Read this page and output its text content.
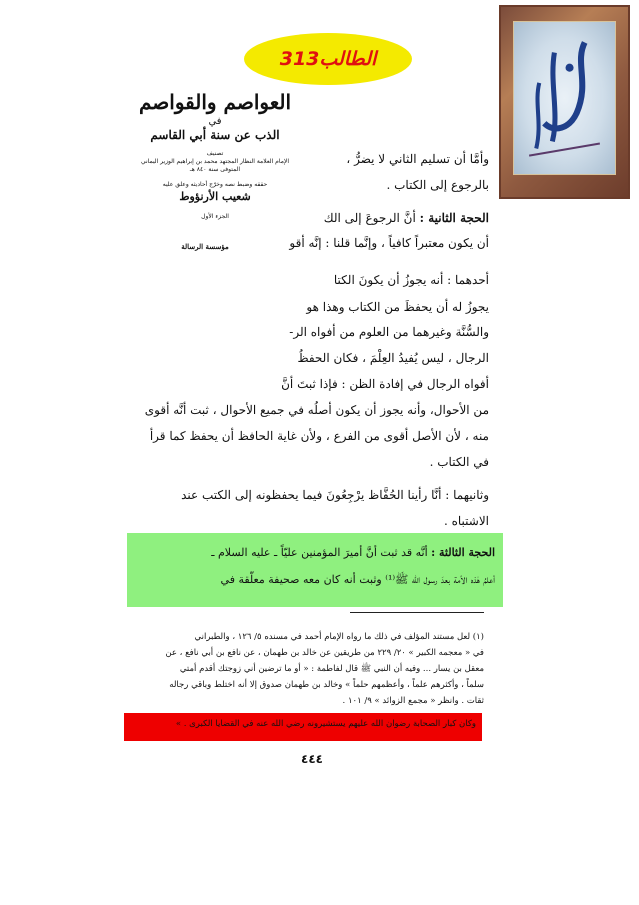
الطالب313
العواصم والقواصم
في
الذب عن سنة أبي القاسم
تصنيف
الإمام العلامة النظار المجتهد محمد بن إبراهيم الوزير اليماني
المتوفى سنة ٨٤٠ هـ
حققه وضبط نصه وخرّج أحاديثه وعلق عليه
شعيب الأرنؤوط
الجزء الأول
مؤسسة الرسالة
وأمَّا أن تسليم الثاني لا يضرُّ ،
بالرجوع إلى الكتاب .
الحجة الثانية : أنَّ الرجوعَ إلى الك
أن يكون معتبراً كافياً ، وإنَّما قلنا : إنَّه أقو
أحدهما : أنه يجوزُ أن يكونَ الكتا
يجوزُ له أن يحفظَ من الكتاب وهذا هو
والسُّنَّة وغيرهما من العلوم من أفواه الر-
الرجال ، ليس يُفيدُ العِلْمَ ، فكان الحفظُ
أفواه الرجال في إفادة الظن : فإذا ثبتَ أنَّ
من الأحوال، وأنه يجوز أن يكون أصلُه في جميع الأحوال ، ثبت أنَّه أقوى
منه ، لأن الأصل أقوى من الفرع ، ولأن غاية الحافظ أن يحفظ كما قرأ
في الكتاب .
وثانيهما : أنَّا رأينا الحُفَّاظ يرْجِعُونَ فيما يحفظونه إلى الكتب عند
الاشتباه .
الحجة الثالثة : أنَّه قد ثبت أنَّ أميرَ المؤمنين عليّاً ـ عليه السلام ـ
أعلمُ هٰذه الأمة بعدَ رسول الله ﷺ⁽¹⁾ وثبت أنه كان معه صحيفة معلّقة في
(١) لعل مستند المؤلف في ذلك ما رواه الإمام أحمد في مسنده ٥/ ١٢٦ ، والطبراني
في « معجمه الكبير » ٢٠/ ٢٢٩ من طريقين عن خالد بن طهمان ، عن نافع بن أبي نافع ، عن
معقل بن يسار ... وفيه أن النبي ﷺ قال لفاطمة : « أو ما ترضين أني زوجتك أقدم أمتي
سلماً ، وأكثرهم علماً ، وأعظمهم حلماً » وخالد بن طهمان صدوق إلا أنه اختلط وباقي رجاله
ثقات . وانظر « مجمع الزوائد » ٩/ ١٠١ .
وكان كبار الصحابة رضوان الله عليهم يستشيرونه رضي الله عنه في القضايا الكبرى . »
٤٤٤
